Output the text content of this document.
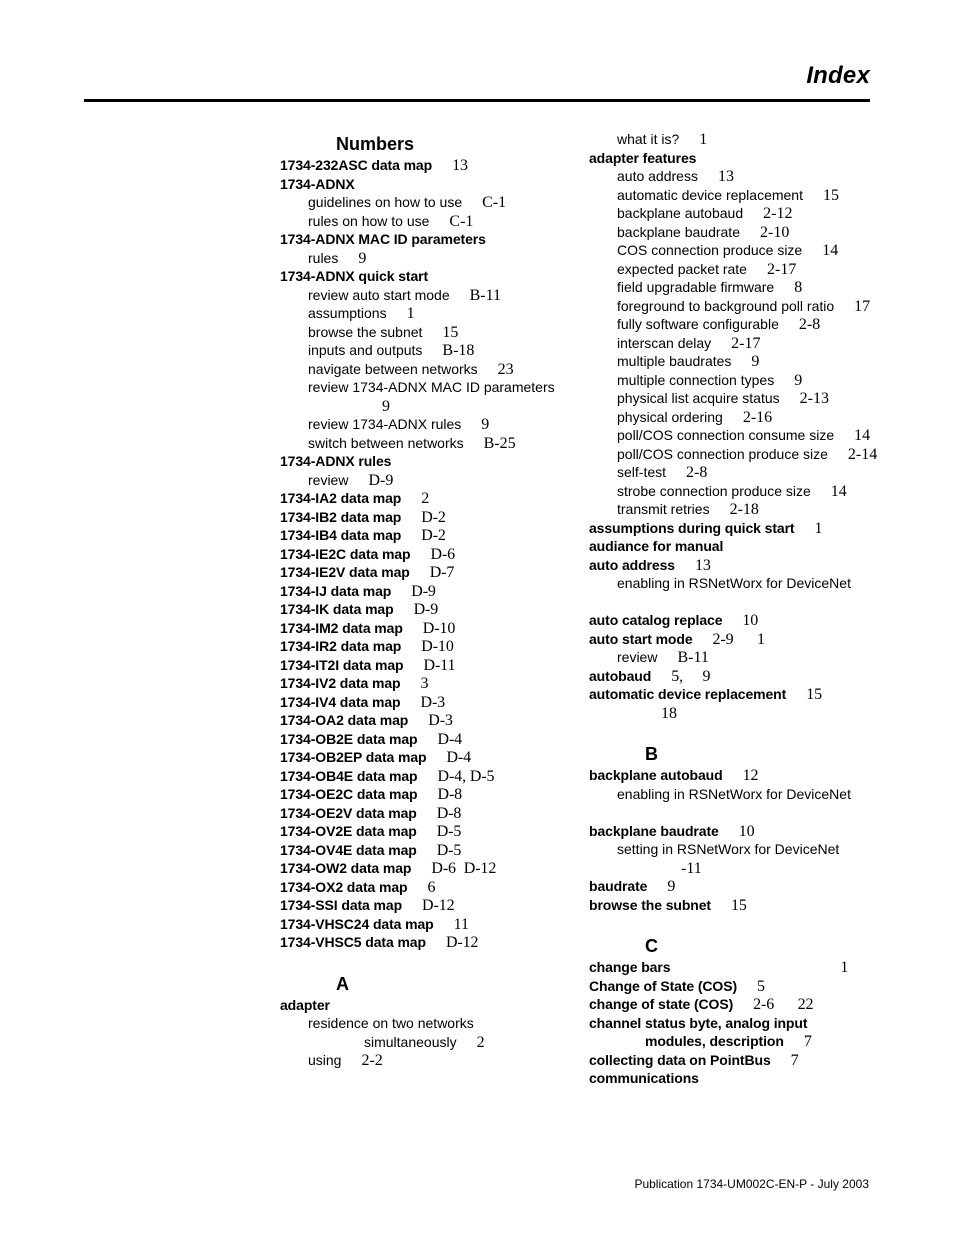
Index
Numbers
1734-232ASC data map 13
1734-ADNX
guidelines on how to use C-1
rules on how to use C-1
1734-ADNX MAC ID parameters
rules 9
1734-ADNX quick start
review auto start mode B-11
assumptions 1
browse the subnet 15
inputs and outputs B-18
navigate between networks 23
review 1734-ADNX MAC ID parameters
9
review 1734-ADNX rules 9
switch between networks B-25
1734-ADNX rules
review D-9
1734-IA2 data map 2
1734-IB2 data map D-2
1734-IB4 data map D-2
1734-IE2C data map D-6
1734-IE2V data map D-7
1734-IJ data map D-9
1734-IK data map D-9
1734-IM2 data map D-10
1734-IR2 data map D-10
1734-IT2I data map D-11
1734-IV2 data map 3
1734-IV4 data map D-3
1734-OA2 data map D-3
1734-OB2E data map D-4
1734-OB2EP data map D-4
1734-OB4E data map D-4, D-5
1734-OE2C data map D-8
1734-OE2V data map D-8
1734-OV2E data map D-5
1734-OV4E data map D-5
1734-OW2 data map D-6  D-12
1734-OX2 data map 6
1734-SSI data map D-12
1734-VHSC24 data map 11
1734-VHSC5 data map D-12
A
adapter
residence on two networks
simultaneously 2
using 2-2
what it is? 1
adapter features
auto address 13
automatic device replacement 15
backplane autobaud 2-12
backplane baudrate 2-10
COS connection produce size 14
expected packet rate 2-17
field upgradable firmware 8
foreground to background poll ratio 17
fully software configurable 2-8
interscan delay 2-17
multiple baudrates 9
multiple connection types 9
physical list acquire status 2-13
physical ordering 2-16
poll/COS connection consume size 14
poll/COS connection produce size 2-14
self-test 2-8
strobe connection produce size 14
transmit retries 2-18
assumptions during quick start 1
audiance for manual
auto address 13
enabling in RSNetWorx for DeviceNet
auto catalog replace 10
auto start mode 2-9      1
review B-11
autobaud 5,     9
automatic device replacement 15
18
B
backplane autobaud 12
enabling in RSNetWorx for DeviceNet
backplane baudrate 10
setting in RSNetWorx for DeviceNet
-11
baudrate 9
browse the subnet 15
C
change bars	1
Change of State (COS) 5
change of state (COS) 2-6      22
channel status byte, analog input
modules, description 7
collecting data on PointBus 7
communications
Publication 1734-UM002C-EN-P - July 2003
